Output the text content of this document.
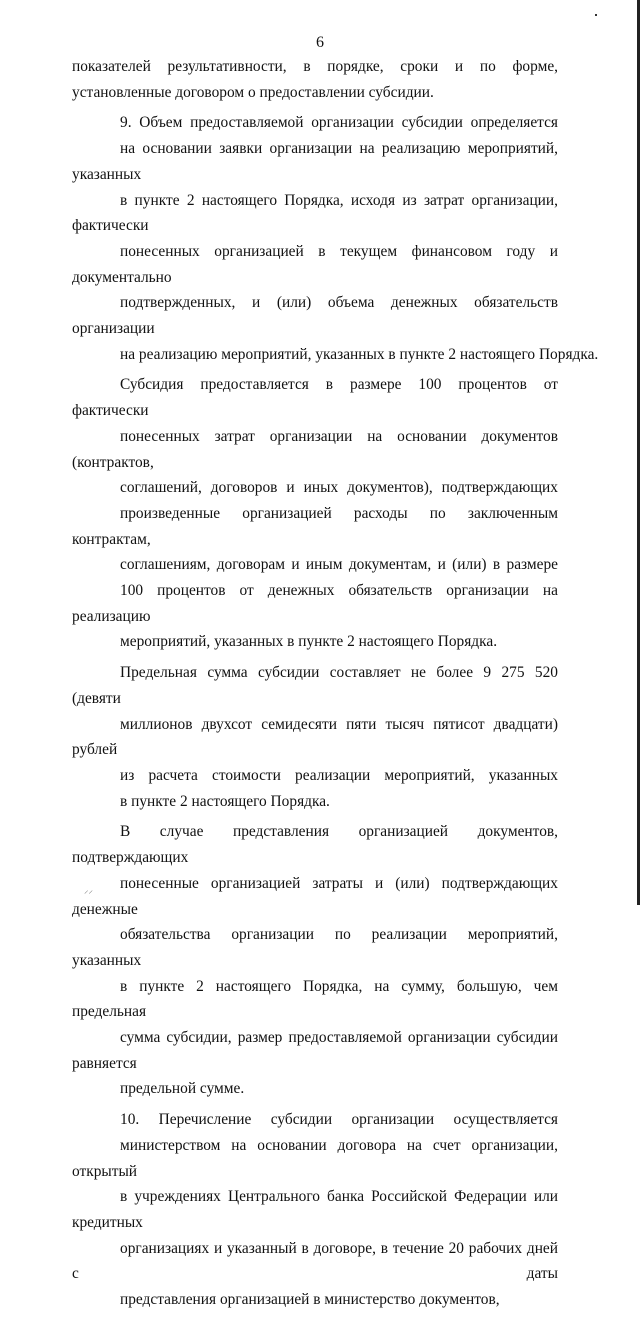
⸝⸝
6
показателей результативности, в порядке, сроки и по форме,
установленные договором о предоставлении субсидии.
9. Объем предоставляемой организации субсидии определяется
на основании заявки организации на реализацию мероприятий, указанных
в пункте 2 настоящего Порядка, исходя из затрат организации, фактически
понесенных организацией в текущем финансовом году и документально
подтвержденных, и (или) объема денежных обязательств организации
на реализацию мероприятий, указанных в пункте 2 настоящего Порядка.
Субсидия предоставляется в размере 100 процентов от фактически
понесенных затрат организации на основании документов (контрактов,
соглашений, договоров и иных документов), подтверждающих
произведенные организацией расходы по заключенным контрактам,
соглашениям, договорам и иным документам, и (или) в размере
100 процентов от денежных обязательств организации на реализацию
мероприятий, указанных в пункте 2 настоящего Порядка.
Предельная сумма субсидии составляет не более 9 275 520 (девяти
миллионов двухсот семидесяти пяти тысяч пятисот двадцати) рублей
из расчета стоимости реализации мероприятий, указанных
в пункте 2 настоящего Порядка.
В случае представления организацией документов, подтверждающих
понесенные организацией затраты и (или) подтверждающих денежные
обязательства организации по реализации мероприятий, указанных
в пункте 2 настоящего Порядка, на сумму, большую, чем предельная
сумма субсидии, размер предоставляемой организации субсидии равняется
предельной сумме.
10. Перечисление субсидии организации осуществляется
министерством на основании договора на счет организации, открытый
в учреждениях Центрального банка Российской Федерации или кредитных
организациях и указанный в договоре, в течение 20 рабочих дней с даты
представления организацией в министерство документов,
